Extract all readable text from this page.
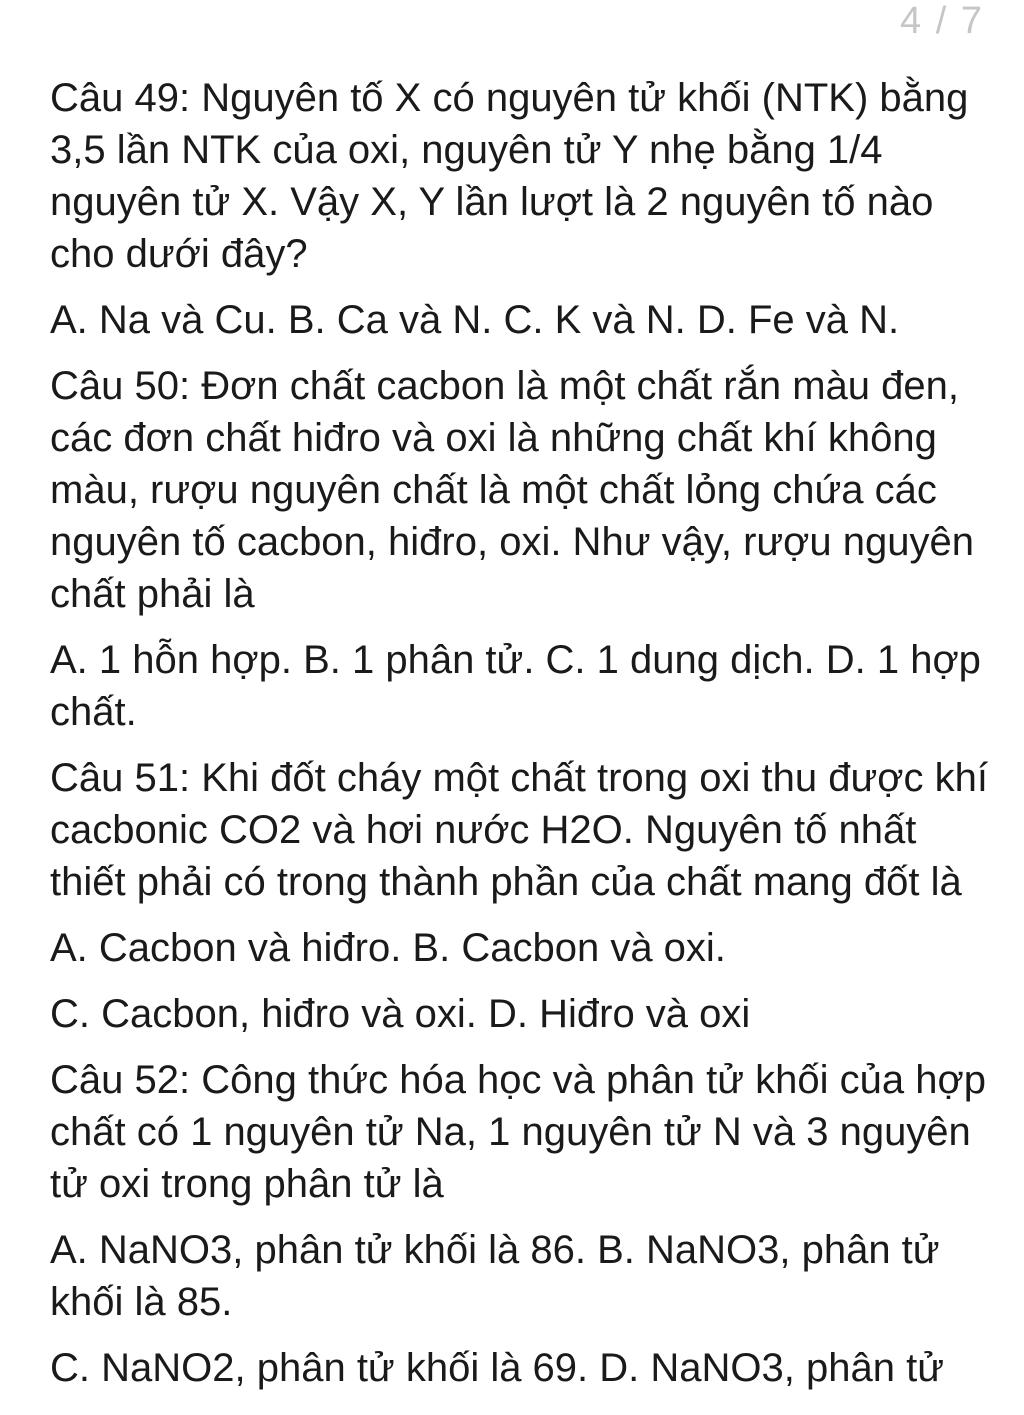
4 / 7

Câu 49: Nguyên tố X có nguyên tử khối (NTK) bằng 3,5 lần NTK của oxi, nguyên tử Y nhẹ bằng 1/4 nguyên tử X. Vậy X, Y lần lượt là 2 nguyên tố nào cho dưới đây?

A. Na và Cu. B. Ca và N. C. K và N. D. Fe và N.

Câu 50: Đơn chất cacbon là một chất rắn màu đen, các đơn chất hiđro và oxi là những chất khí không màu, rượu nguyên chất là một chất lỏng chứa các nguyên tố cacbon, hiđro, oxi. Như vậy, rượu nguyên chất phải là

A. 1 hỗn hợp. B. 1 phân tử. C. 1 dung dịch. D. 1 hợp chất.

Câu 51: Khi đốt cháy một chất trong oxi thu được khí cacbonic CO2 và hơi nước H2O. Nguyên tố nhất thiết phải có trong thành phần của chất mang đốt là

A. Cacbon và hiđro. B. Cacbon và oxi.

C. Cacbon, hiđro và oxi. D. Hiđro và oxi

Câu 52: Công thức hóa học và phân tử khối của hợp chất có 1 nguyên tử Na, 1 nguyên tử N và 3 nguyên tử oxi trong phân tử là

A. NaNO3, phân tử khối là 86. B. NaNO3, phân tử khối là 85.

C. NaNO2, phân tử khối là 69. D. NaNO3, phân tử
